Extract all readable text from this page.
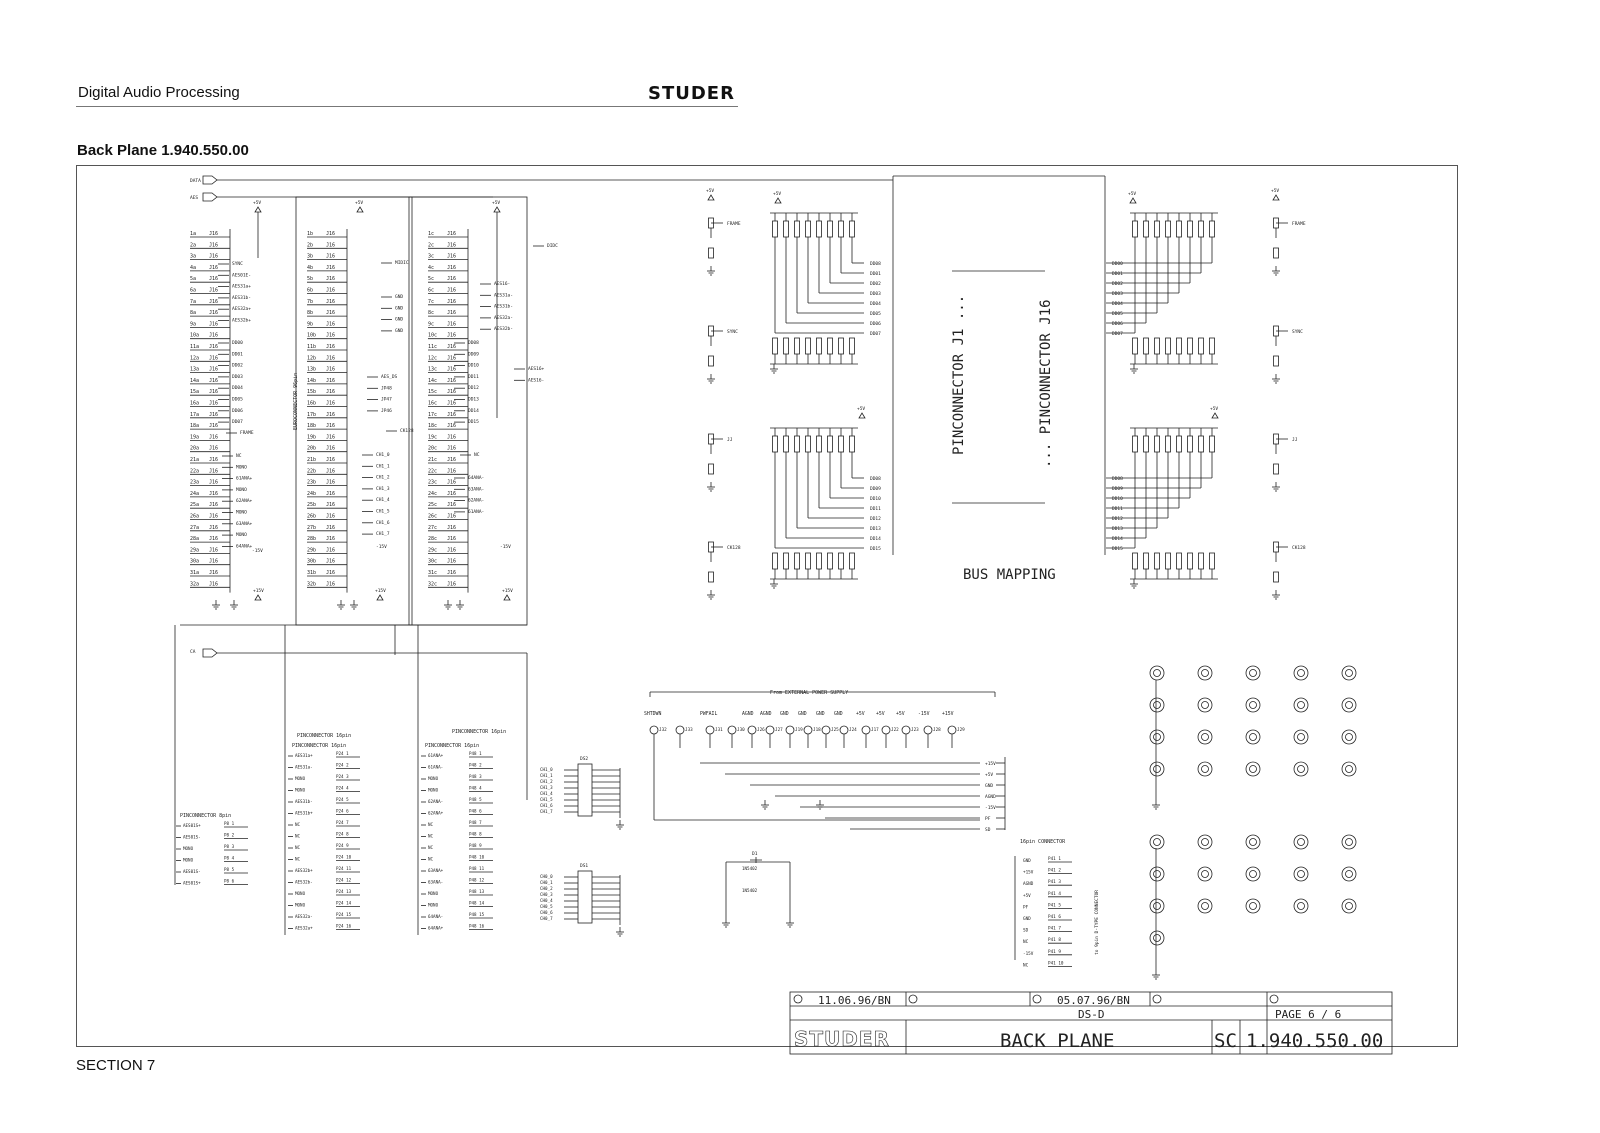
Digital Audio Processing	STUDER
Back Plane 1.940.550.00
SECTION 7
DATA
AES
1a	J16
2a	J16
3a	J16
4a	J16
5a	J16
6a	J16
7a	J16
8a	J16
9a	J16
10a J16
11a J16
12a J16
13a J16
14a J16
15a J16
16a J16
17a J16
18a J16
19a J16
20a J16
21a J16
22a J16
23a J16
24a J16
25a J16
26a J16
27a J16
28a J16
29a J16
30a J16
31a J16
32a J16
1b	J16
2b	J16
3b	J16
4b	J16
5b	J16
6b	J16
7b	J16
8b	J16
9b	J16
10b J16
11b J16
12b J16
13b J16
14b J16
15b J16
16b J16
17b J16
18b J16
19b J16
20b J16
21b J16
22b J16
23b J16
24b J16
25b J16
26b J16
27b J16
28b J16
29b J16
30b J16
31b J16
32b J16
1c	J16
2c	J16
3c	J16
4c	J16
5c	J16
6c	J16
7c	J16
8c	J16
9c	J16
10c J16
11c J16
12c J16
13c J16
14c J16
15c J16
16c J16
17c J16
18c J16
19c J16
20c J16
21c J16
22c J16
23c J16
24c J16
25c J16
26c J16
27c J16
28c J16
29c J16
30c J16
31c J16
32c J16
EUROCONNECTOR 96pin
SYNC
AES01E-
AES31a+
AES31b-
AES32a+
AES32b+
DD00
DD01
DD02
DD03
DD04
DD05
DD06
DD07
FRAME
NC
MONO
61ANA+
MONO
62ANA+
MONO
63ANA+
MONO
64ANA+
-15V
MIDIC
GND
GND
GND
GND
AES_DS
JP48
JP47
JP46
CK128
CH1_0
CH1_1
CH1_2
CH1_3
CH1_4
CH1_5
CH1_6
CH1_7
-15V
DIDC
AES16-
AES31a-
AES31b-
AES32a-
AES32b-
DD08
DD09
DD10
DD11
DD12
DD13
DD14
DD15
AES16+
AES16-
NC
64ANA-
63ANA-
62ANA-
61ANA-
-15V
+5V	+5V	+5V
+15V	+15V	+15V
CA
+5V
FRAME
SYNC
JJ
CK128
+5V
DD07
DD06
DD05
DD04
DD03
DD02
DD01
DD08
+5V
DD15
DD14
DD13
DD12
DD11
DD10
DD09
DD08
+5V
DD07
DD06
DD05
DD04
DD03
DD02
DD01
DD00
+5V
DD15
DD14
DD13
DD12
DD11
DD10
DD09
DD08
+5V
FRAME
SYNC
JJ
CK128
PINCONNECTOR J1 ...	... PINCONNECTOR J16
BUS MAPPING
PINCONNECTOR 8pin
AES01S+	P8 1
AES01S-	P8 2
MONO	P8 3
MONO	P8 4
AES01S-	P8 5
AES01S+	P8 6
PINCONNECTOR 16pin
AES31a+	P24 1
AES31a-	P24 2
MONO	P24 3
MONO	P24 4
AES31b-	P24 5
AES31b+	P24 6
NC	P24 7
NC	P24 8
NC	P24 9
NC	P24 10
AES32b+	P24 11
AES32b-	P24 12
MONO	P24 13
MONO	P24 14
AES32a-	P24 15
AES32a+	P24 16
PINCONNECTOR 16pin
PINCONNECTOR 16pin
61ANA+	P48 1
61ANA-	P48 2
MONO	P48 3
MONO	P48 4
62ANA-	P48 5
62ANA+	P48 6
NC	P48 7
NC	P48 8
NC	P48 9
NC	P48 10
63ANA+	P48 11
63ANA-	P48 12
MONO	P48 13
MONO	P48 14
64ANA-	P48 15
64ANA+	P48 16
PINCONNECTOR 16pin
DS2
CH1_0
CH1_1
CH1_2
CH1_3
CH1_4
CH1_5
CH1_6
CH1_7
DS1
CH0_0
CH0_1
CH0_2
CH0_3
CH0_4
CH0_5
CH0_6
CH0_7
From EXTERNAL POWER SUPPLY
SHTDWN
J32	J33
PWFAIL
J31	J30
AGND
J26
AGND
J27
GND
J19
GND
J18
GND
J25
GND
J24
+5V
J17
+5V
J22
+5V
J23
-15V
J28
+15V
J29
+15V
+5V
GND
AGND
-15V
PF
SD
D1
1N5402
1N5402
16pin CONNECTOR
GND	P41 1
+15V	P41 2
AGND	P41 3
+5V	P41 4
PF	P41 5
GND	P41 6
SD	P41 7
NC	P41 8
-15V	P41 9
NC	P41 10
to 9pin D-TYPE CONNECTOR
11.06.96/BN	05.07.96/BN
DS-D	PAGE 6 / 6
STUDER	BACK PLANE	SC 1.940.550.00
